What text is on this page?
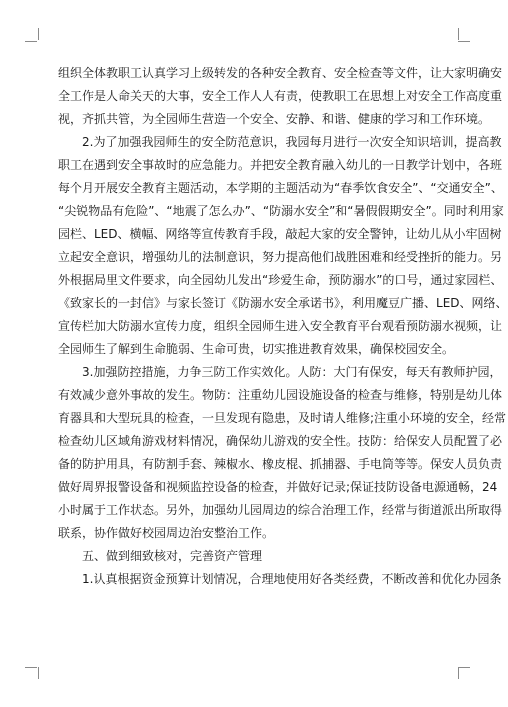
组织全体教职工认真学习上级转发的各种安全教育、安全检查等文件，让大家明确安
全工作是人命关天的大事，安全工作人人有责，使教职工在思想上对安全工作高度重
视，齐抓共管，为全园师生营造一个安全、安静、和谐、健康的学习和工作环境。
　　2.为了加强我园师生的安全防范意识，我园每月进行一次安全知识培训，提高教
职工在遇到安全事故时的应急能力。并把安全教育融入幼儿的一日教学计划中，各班
每个月开展安全教育主题活动，本学期的主题活动为“春季饮食安全”、“交通安全”、
“尖锐物品有危险”、“地震了怎么办”、“防溺水安全”和“暑假假期安全”。同时利用家
园栏、LED、横幅、网络等宣传教育手段，敲起大家的安全警钟，让幼儿从小牢固树
立起安全意识，增强幼儿的法制意识，努力提高他们战胜困难和经受挫折的能力。另
外根据局里文件要求，向全园幼儿发出“珍爱生命，预防溺水”的口号，通过家园栏、
《致家长的一封信》与家长签订《防溺水安全承诺书》，利用魔豆广播、LED、网络、
宣传栏加大防溺水宣传力度，组织全园师生进入安全教育平台观看预防溺水视频，让
全园师生了解到生命脆弱、生命可贵，切实推进教育效果，确保校园安全。
　　3.加强防控措施，力争三防工作实效化。人防：大门有保安，每天有教师护园，
有效减少意外事故的发生。物防：注重幼儿园设施设备的检查与维修，特别是幼儿体
育器具和大型玩具的检查，一旦发现有隐患，及时请人维修;注重小环境的安全，经常
检查幼儿区域角游戏材料情况，确保幼儿游戏的安全性。技防：给保安人员配置了必
备的防护用具，有防割手套、辣椒水、橡皮棍、抓捕器、手电筒等等。保安人员负责
做好周界报警设备和视频监控设备的检查，并做好记录;保证技防设备电源通畅，24
小时属于工作状态。另外，加强幼儿园周边的综合治理工作，经常与街道派出所取得
联系，协作做好校园周边治安整治工作。
　　五、做到细致核对，完善资产管理
　　1.认真根据资金预算计划情况，合理地使用好各类经费，不断改善和优化办园条
